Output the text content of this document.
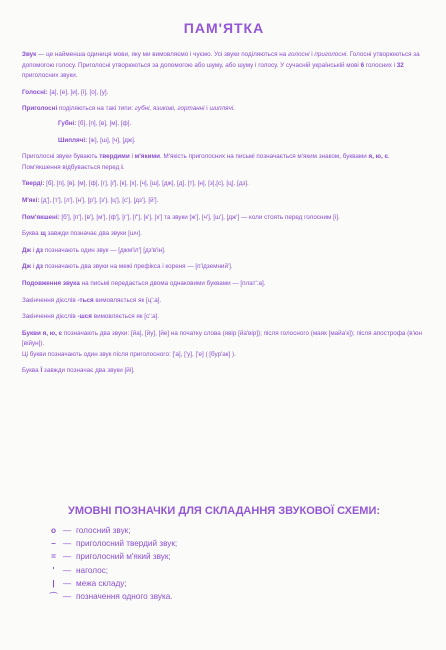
ПАМ'ЯТКА

Звук — це найменша одиниця мови, яку ми вимовляємо і чуємо. Усі звуки поділяються на голосні і приголосні. Голосні утворюються за допомогою голосу. Приголосні утворюються за допомогою або шуму, або шуму і голосу. У сучасній українській мові 6 голосних і 32 приголосних звуки.

Голосні: [а], [е], [и], [і], [о], [у].

Приголосні поділяються на такі типи: губні, язикові, гортанні і шиплячі.

Губні: [б], [п], [в], [м], [ф].

Шиплячі: [ж], [ш], [ч], [дж].

Приголосні звуки бувають твердими і м'якими. М'якість приголосних на письмі позначається м'яким знаком, буквами я, ю, є. Пом'якшення відбувається перед і.

Тверді: [б], [п], [в], [м], [ф], [г], [ґ], [к], [х], [ч], [ш], [дж], [д], [т], [н], [з],[с], [ц], [дз].

М'які: [д'], [т'], [л'], [н'], [р'], [з'], [ц'], [с'], [дз'], [й'].

Пом'якшені: [б'], [п'], [в'], [м'], [ф'], [г'], [ґ'], [к'], [х'] та звуки [ж'], [ч'], [ш'], [дж'] — коли стоять перед голосним [і].

Буква щ завжди позначає два звуки [шч].

Дж і дз позначають один звук — [джм'іл'] [дз'в'ін].

Дж і дз позначають два звуки на межі префікса і кореня — [п'ідземний'].

Подовження звука на письмі передається двома однаковими буквами — [плат':а].

Закінчення дієслів -ться вимовляється як [ц':а].

Закінчення дієслів -шся вимовляється як [с':а].

Букви я, ю, є позначають два звуки: [йа], [йу], [йе] на початку слова (явір [йа'вір]); після голосного (маяк [майа'к]); після апострофа (в'юн [війун]).

Ці букви позначають один звук після приголосного: ['а], ['у], ['е] ( [бур'ак] ).

Буква Ї завжди позначає два звуки [йі].

УМОВНІ ПОЗНАЧКИ ДЛЯ СКЛАДАННЯ ЗВУКОВОЇ СХЕМИ:
о — голосний звук;
– — приголосний твердий звук;
= — приголосний м'який звук;
'	— наголос;
|	— межа складу;
⌒ — позначення одного звука.
